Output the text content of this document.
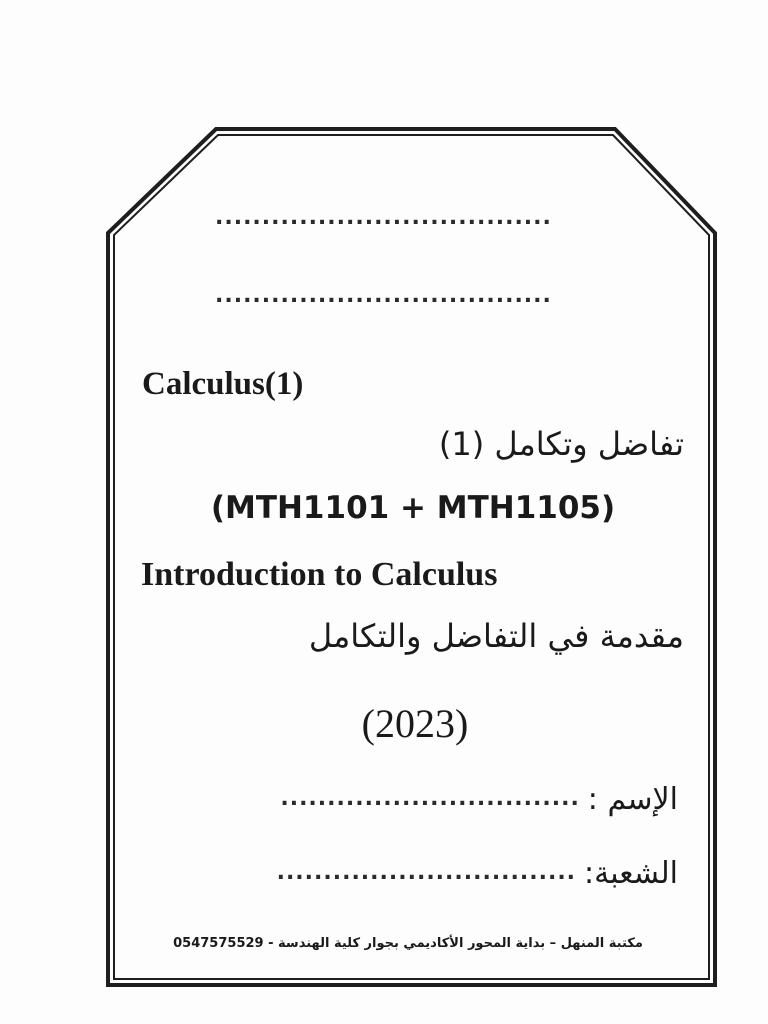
....................................
....................................
Calculus(1)
تفاضل وتكامل (1)
(MTH1101 + MTH1105)
Introduction to Calculus
مقدمة في التفاضل والتكامل
(2023)
الإسم :
................................
الشعبة:
................................
مكتبة المنهل – بداية المحور الأكاديمي بجوار كلية الهندسة - 0547575529
